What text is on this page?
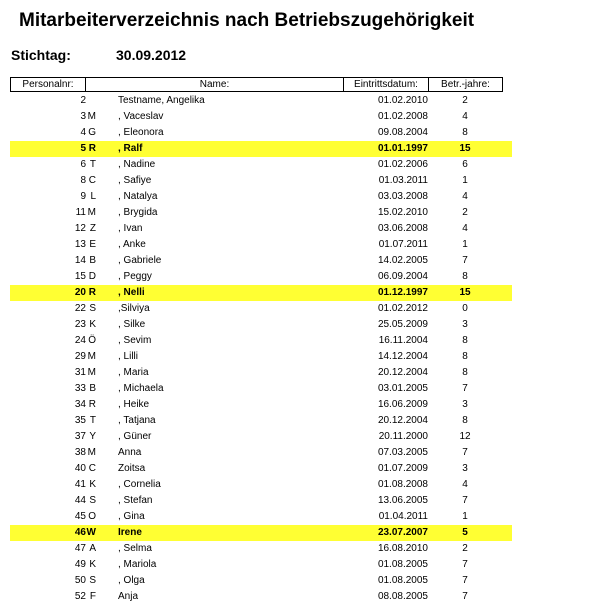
Mitarbeiterverzeichnis nach Betriebszugehörigkeit
Stichtag:	30.09.2012
Personalnr:	Name:	Eintrittsdatum:	Betr.-jahre:
2	Testname, Angelika	01.02.2010	2
3 M , Vaceslav	01.02.2008	4
4 G , Eleonora	09.08.2004	8
5 R , Ralf	01.01.1997	15
6 T , Nadine	01.02.2006	6
8 C , Safiye	01.03.2011	1
9 L , Natalya	03.03.2008	4
11 M , Brygida	15.02.2010	2
12 Z , Ivan	03.06.2008	4
13 E , Anke	01.07.2011	1
14 B , Gabriele	14.02.2005	7
15 D , Peggy	06.09.2004	8
20 R , Nelli	01.12.1997	15
22 S ,Silviya	01.02.2012	0
23 K , Silke	25.05.2009	3
24 Ö , Sevim	16.11.2004	8
29 M , Lilli	14.12.2004	8
31 M , Maria	20.12.2004	8
33 B , Michaela	03.01.2005	7
34 R , Heike	16.06.2009	3
35 T , Tatjana	20.12.2004	8
37 Y , Güner	20.11.2000	12
38 M Anna	07.03.2005	7
40 C Zoitsa	01.07.2009	3
41 K , Cornelia	01.08.2008	4
44 S , Stefan	13.06.2005	7
45 O , Gina	01.04.2011	1
46 W Irene	23.07.2007	5
47 A , Selma	16.08.2010	2
49 K , Mariola	01.08.2005	7
50 S , Olga	01.08.2005	7
52 F Anja	08.08.2005	7
